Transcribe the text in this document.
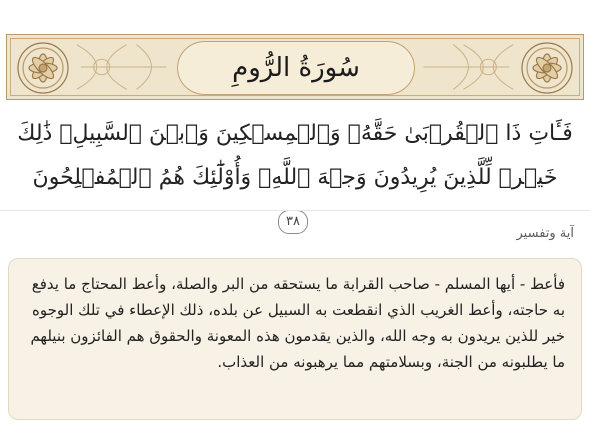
سُورَةُ الرُّومِ
فَـَٔاتِ ذَا ٱلۡقُرۡبَىٰ حَقَّهُۥ وَٱلۡمِسۡكِينَ وَٱبۡنَ ٱلسَّبِيلِۚ ذَٰلِكَ خَيۡرٞ لِّلَّذِينَ يُرِيدُونَ وَجۡهَ ٱللَّهِۖ وَأُوْلَٰٓئِكَ هُمُ ٱلۡمُفۡلِحُونَ ٣٨
آية وتفسير
فأعط - أيها المسلم - صاحب القرابة ما يستحقه من البر والصلة، وأعط المحتاج ما يدفع به حاجته، وأعط الغريب الذي انقطعت به السبيل عن بلده، ذلك الإعطاء في تلك الوجوه خير للذين يريدون به وجه الله، والذين يقدمون هذه المعونة والحقوق هم الفائزون بنيلهم ما يطلبونه من الجنة، وبسلامتهم مما يرهبونه من العذاب.
